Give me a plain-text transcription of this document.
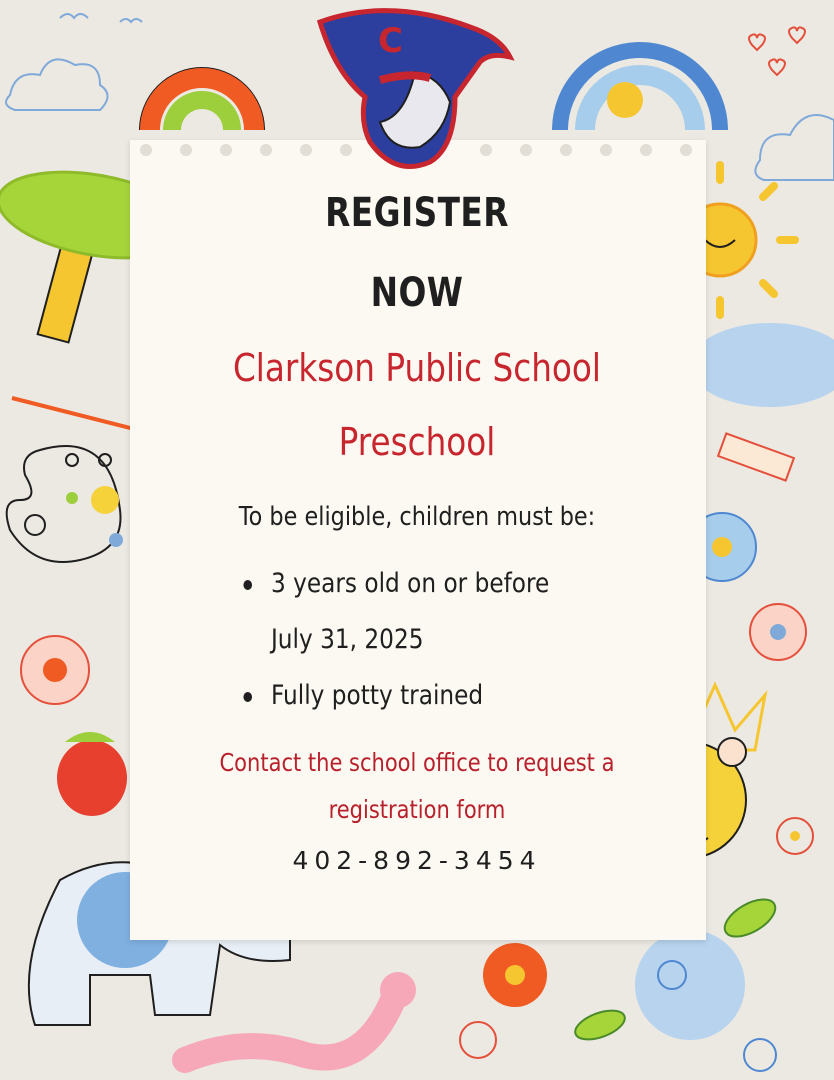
C

REGISTER

NOW

Clarkson Public School

Preschool

To be eligible, children must be:

3 years old on or before
July 31, 2025
Fully potty trained

Contact the school office to request a

registration form

402-892-3454
